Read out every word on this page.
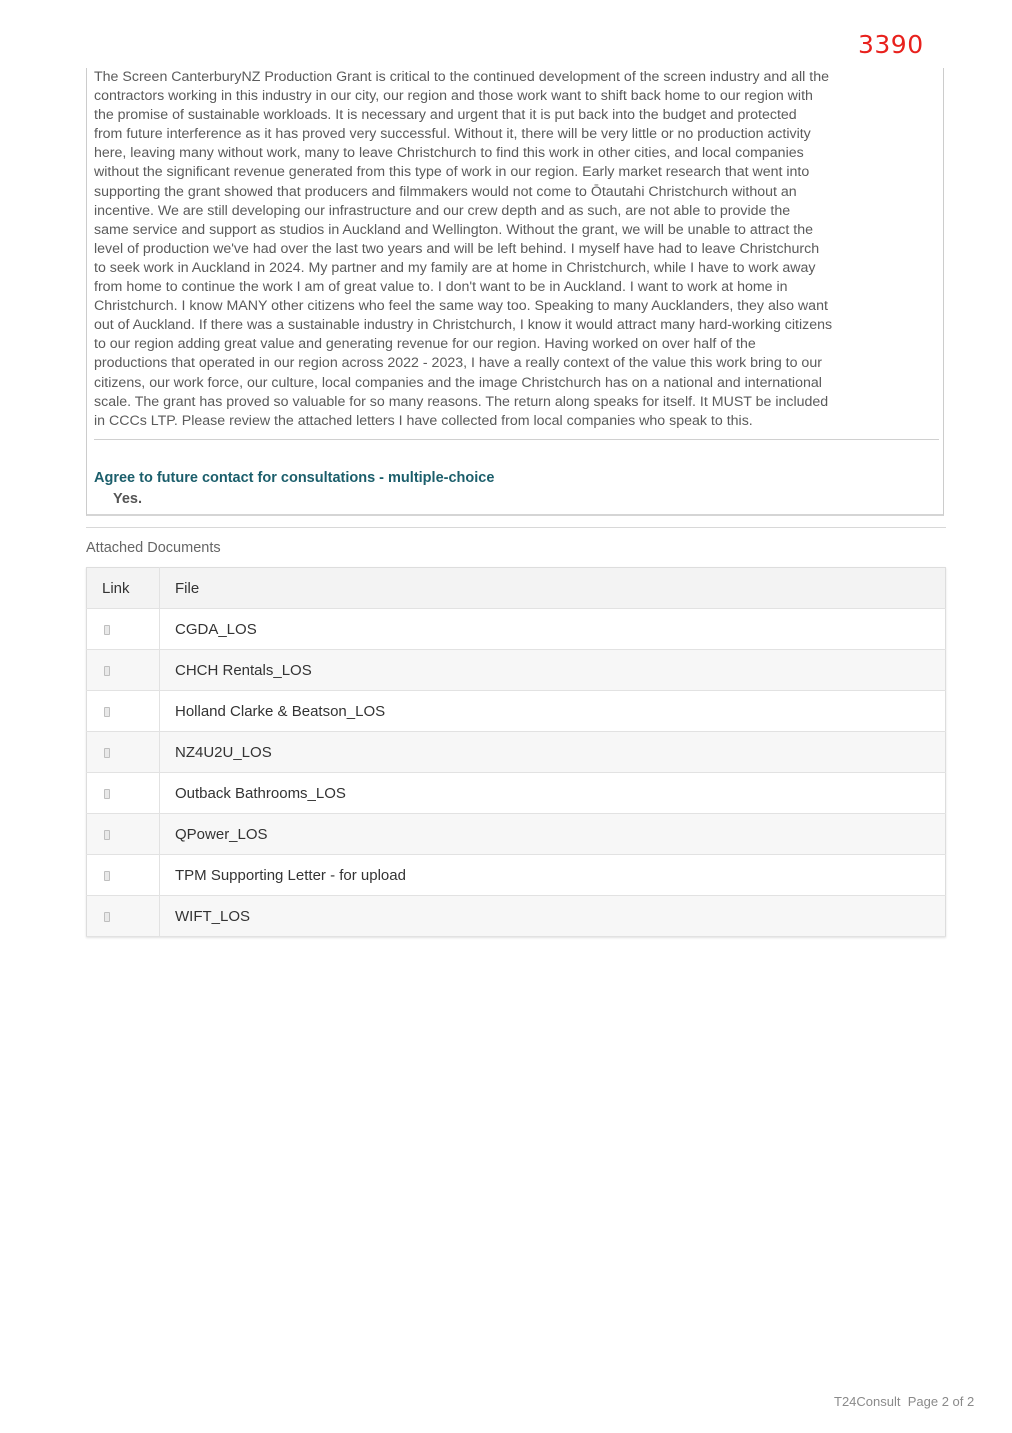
3390

The Screen CanterburyNZ Production Grant is critical to the continued development of the screen industry and all the
contractors working in this industry in our city, our region and those work want to shift back home to our region with
the promise of sustainable workloads. It is necessary and urgent that it is put back into the budget and protected
from future interference as it has proved very successful. Without it, there will be very little or no production activity
here, leaving many without work, many to leave Christchurch to find this work in other cities, and local companies
without the significant revenue generated from this type of work in our region. Early market research that went into
supporting the grant showed that producers and filmmakers would not come to Ōtautahi Christchurch without an
incentive. We are still developing our infrastructure and our crew depth and as such, are not able to provide the
same service and support as studios in Auckland and Wellington. Without the grant, we will be unable to attract the
level of production we've had over the last two years and will be left behind. I myself have had to leave Christchurch
to seek work in Auckland in 2024. My partner and my family are at home in Christchurch, while I have to work away
from home to continue the work I am of great value to. I don't want to be in Auckland. I want to work at home in
Christchurch. I know MANY other citizens who feel the same way too. Speaking to many Aucklanders, they also want
out of Auckland. If there was a sustainable industry in Christchurch, I know it would attract many hard-working citizens
to our region adding great value and generating revenue for our region. Having worked on over half of the
productions that operated in our region across 2022 - 2023, I have a really context of the value this work bring to our
citizens, our work force, our culture, local companies and the image Christchurch has on a national and international
scale. The grant has proved so valuable for so many reasons. The return along speaks for itself. It MUST be included
in CCCs LTP. Please review the attached letters I have collected from local companies who speak to this.

Agree to future contact for consultations - multiple-choice
Yes.
Attached Documents
Link	File
	CGDA_LOS
	CHCH Rentals_LOS
	Holland Clarke & Beatson_LOS
	NZ4U2U_LOS
	Outback Bathrooms_LOS
	QPower_LOS
	TPM Supporting Letter - for upload
	WIFT_LOS
T24Consult Page 2 of 2
